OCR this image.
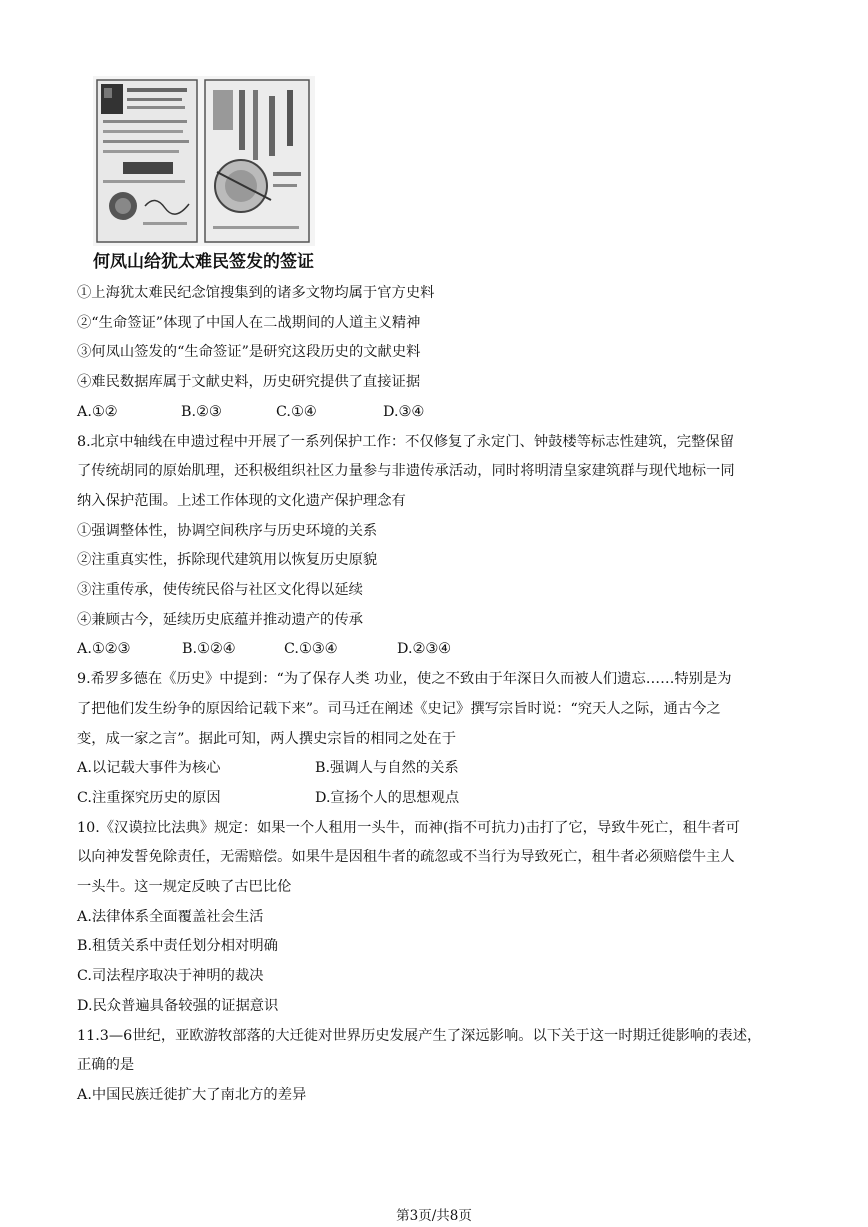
何凤山给犹太难民签发的签证

①上海犹太难民纪念馆搜集到的诸多文物均属于官方史料

②“生命签证”体现了中国人在二战期间的人道主义精神

③何凤山签发的“生命签证”是研究这段历史的文献史料

④难民数据库属于文献史料，历史研究提供了直接证据

A.①②	B.②③	C.①④	D.③④

8.北京中轴线在申遗过程中开展了一系列保护工作：不仅修复了永定门、钟鼓楼等标志性建筑，完整保留

了传统胡同的原始肌理，还积极组织社区力量参与非遗传承活动，同时将明清皇家建筑群与现代地标一同

纳入保护范围。上述工作体现的文化遗产保护理念有

①强调整体性，协调空间秩序与历史环境的关系

②注重真实性，拆除现代建筑用以恢复历史原貌

③注重传承，使传统民俗与社区文化得以延续

④兼顾古今，延续历史底蕴并推动遗产的传承

A.①②③	B.①②④	C.①③④	D.②③④

9.希罗多德在《历史》中提到：“为了保存人类 功业，使之不致由于年深日久而被人们遗忘……特别是为

了把他们发生纷争的原因给记载下来”。司马迁在阐述《史记》撰写宗旨时说：“究天人之际，通古今之

变，成一家之言”。据此可知，两人撰史宗旨的相同之处在于

A.以记载大事件为核心	B.强调人与自然的关系
C.注重探究历史的原因	D.宣扬个人的思想观点

10.《汉谟拉比法典》规定：如果一个人租用一头牛，而神(指不可抗力)击打了它，导致牛死亡，租牛者可

以向神发誓免除责任，无需赔偿。如果牛是因租牛者的疏忽或不当行为导致死亡，租牛者必须赔偿牛主人

一头牛。这一规定反映了古巴比伦

A.法律体系全面覆盖社会生活

B.租赁关系中责任划分相对明确

C.司法程序取决于神明的裁决

D.民众普遍具备较强的证据意识

11.3—6世纪，亚欧游牧部落的大迁徙对世界历史发展产生了深远影响。以下关于这一时期迁徙影响的表述，

正确的是

A.中国民族迁徙扩大了南北方的差异

第3页/共8页
